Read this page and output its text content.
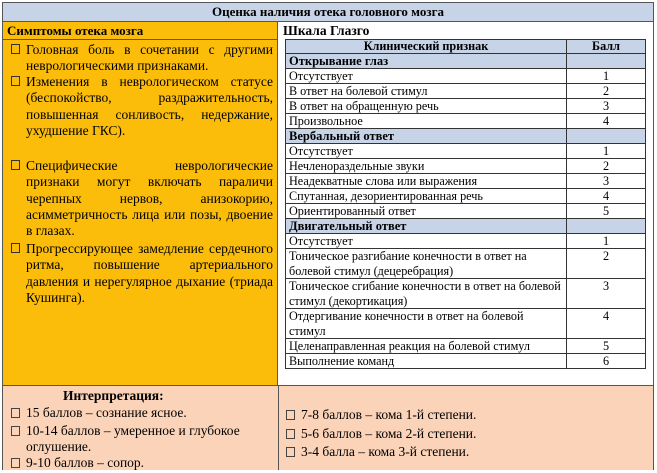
Оценка наличия отека головного мозга
Симптомы отека мозга
Головная боль в сочетании с другими неврологическими признаками.
Изменения в неврологическом статусе (беспокойство, раздражительность, повышенная сонливость, недержание, ухудшение ГКС).
Специфические неврологические признаки могут включать параличи черепных нервов, анизокорию, асимметричность лица или позы, двоение в глазах.
Прогрессирующее замедление сердечного ритма, повышение артериального давления и нерегулярное дыхание (триада Кушинга).
Шкала Глазго
Клинический признак	Балл
Открывание глаз	
Отсутствует	1
В ответ на болевой стимул	2
В ответ на обращенную речь	3
Произвольное	4
Вербальный ответ	
Отсутствует	1
Нечленораздельные звуки	2
Неадекватные слова или выражения	3
Спутанная, дезориентированная речь	4
Ориентированный ответ	5
Двигательный ответ	
Отсутствует	1
Тоническое разгибание конечности в ответ на болевой стимул (децеребрация)	2
Тоническое сгибание конечности в ответ на болевой стимул (декортикация)	3
Отдергивание конечности в ответ на болевой стимул	4
Целенаправленная реакция на болевой стимул	5
Выполнение команд	6
Интерпретация:
15 баллов – сознание ясное.
10-14 баллов – умеренное и глубокое оглушение.
9-10 баллов – сопор.
7-8 баллов – кома 1-й степени.
5-6 баллов – кома 2-й степени.
3-4 балла – кома 3-й степени.
